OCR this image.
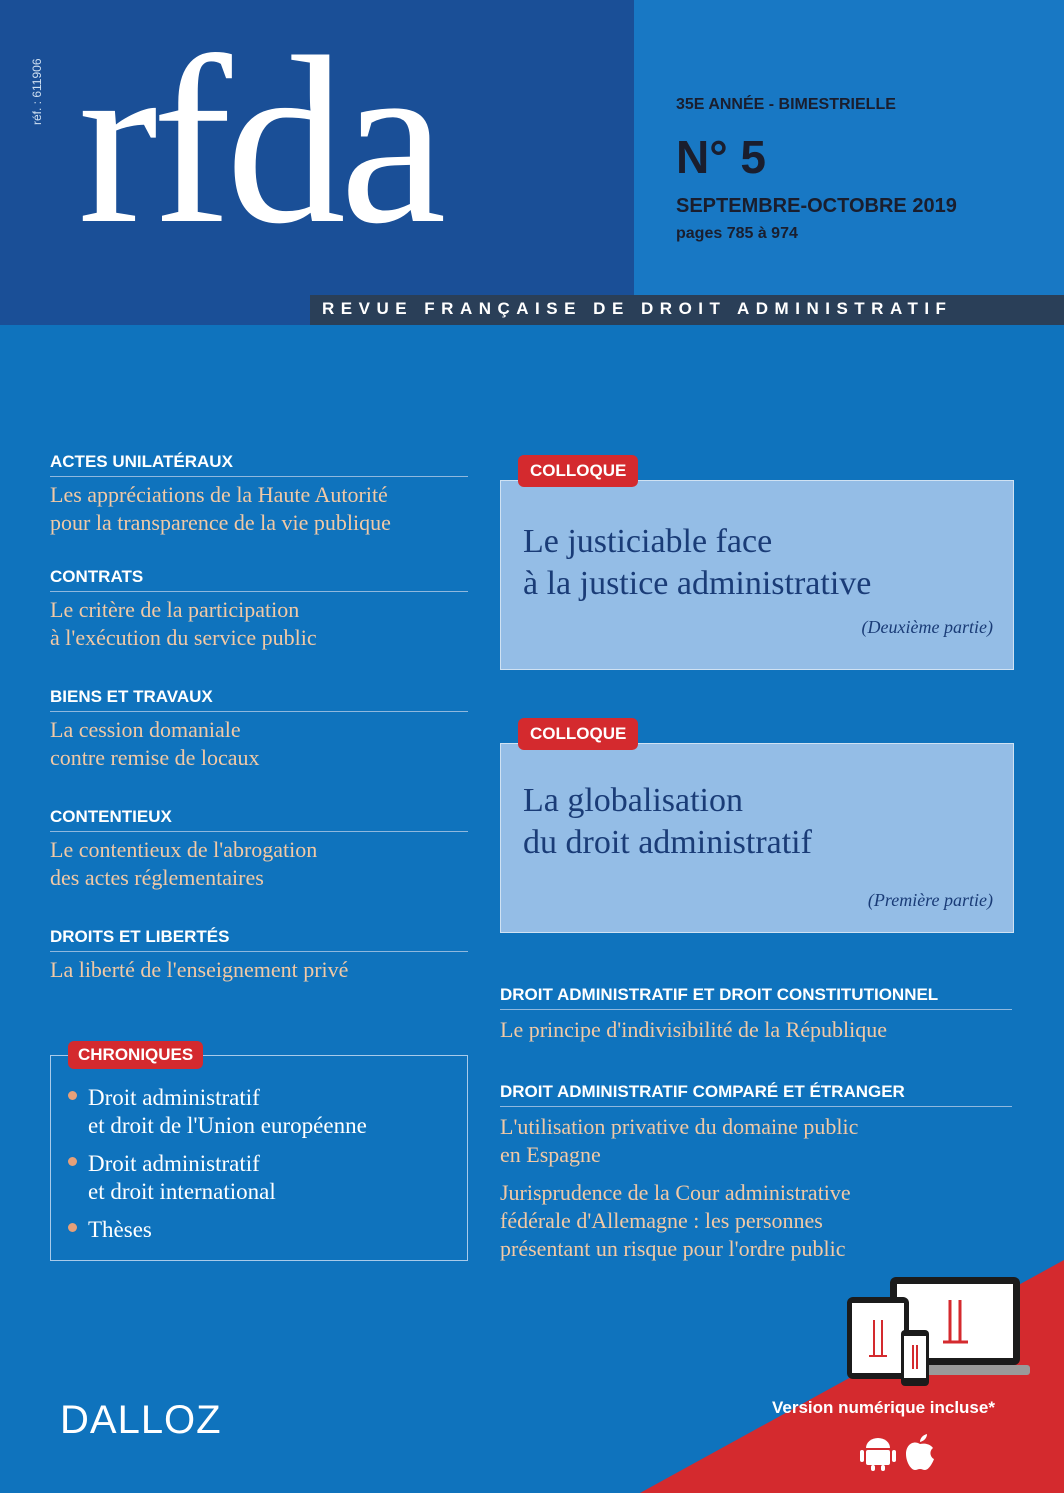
réf. : 611906 rfda	35E ANNÉE - BIMESTRIELLE
N° 5
SEPTEMBRE-OCTOBRE 2019
pages 785 à 974
REVUE FRANÇAISE DE DROIT ADMINISTRATIF
ACTES UNILATÉRAUX
Les appréciations de la Haute Autorité
pour la transparence de la vie publique
CONTRATS
Le critère de la participation
à l'exécution du service public
BIENS ET TRAVAUX
La cession domaniale
contre remise de locaux
CONTENTIEUX
Le contentieux de l'abrogation
des actes réglementaires
DROITS ET LIBERTÉS
La liberté de l'enseignement privé
CHRONIQUES
Droit administratif
et droit de l'Union européenne
Droit administratif
et droit international
Thèses
Le justiciable face
à la justice administrative
(Deuxième partie)
COLLOQUE
La globalisation
du droit administratif
(Première partie)
COLLOQUE
DROIT ADMINISTRATIF ET DROIT CONSTITUTIONNEL
Le principe d'indivisibilité de la République
DROIT ADMINISTRATIF COMPARÉ ET ÉTRANGER
L'utilisation privative du domaine public
en Espagne
Jurisprudence de la Cour administrative
fédérale d'Allemagne : les personnes
présentant un risque pour l'ordre public
DALLOZ	Version numérique incluse*
